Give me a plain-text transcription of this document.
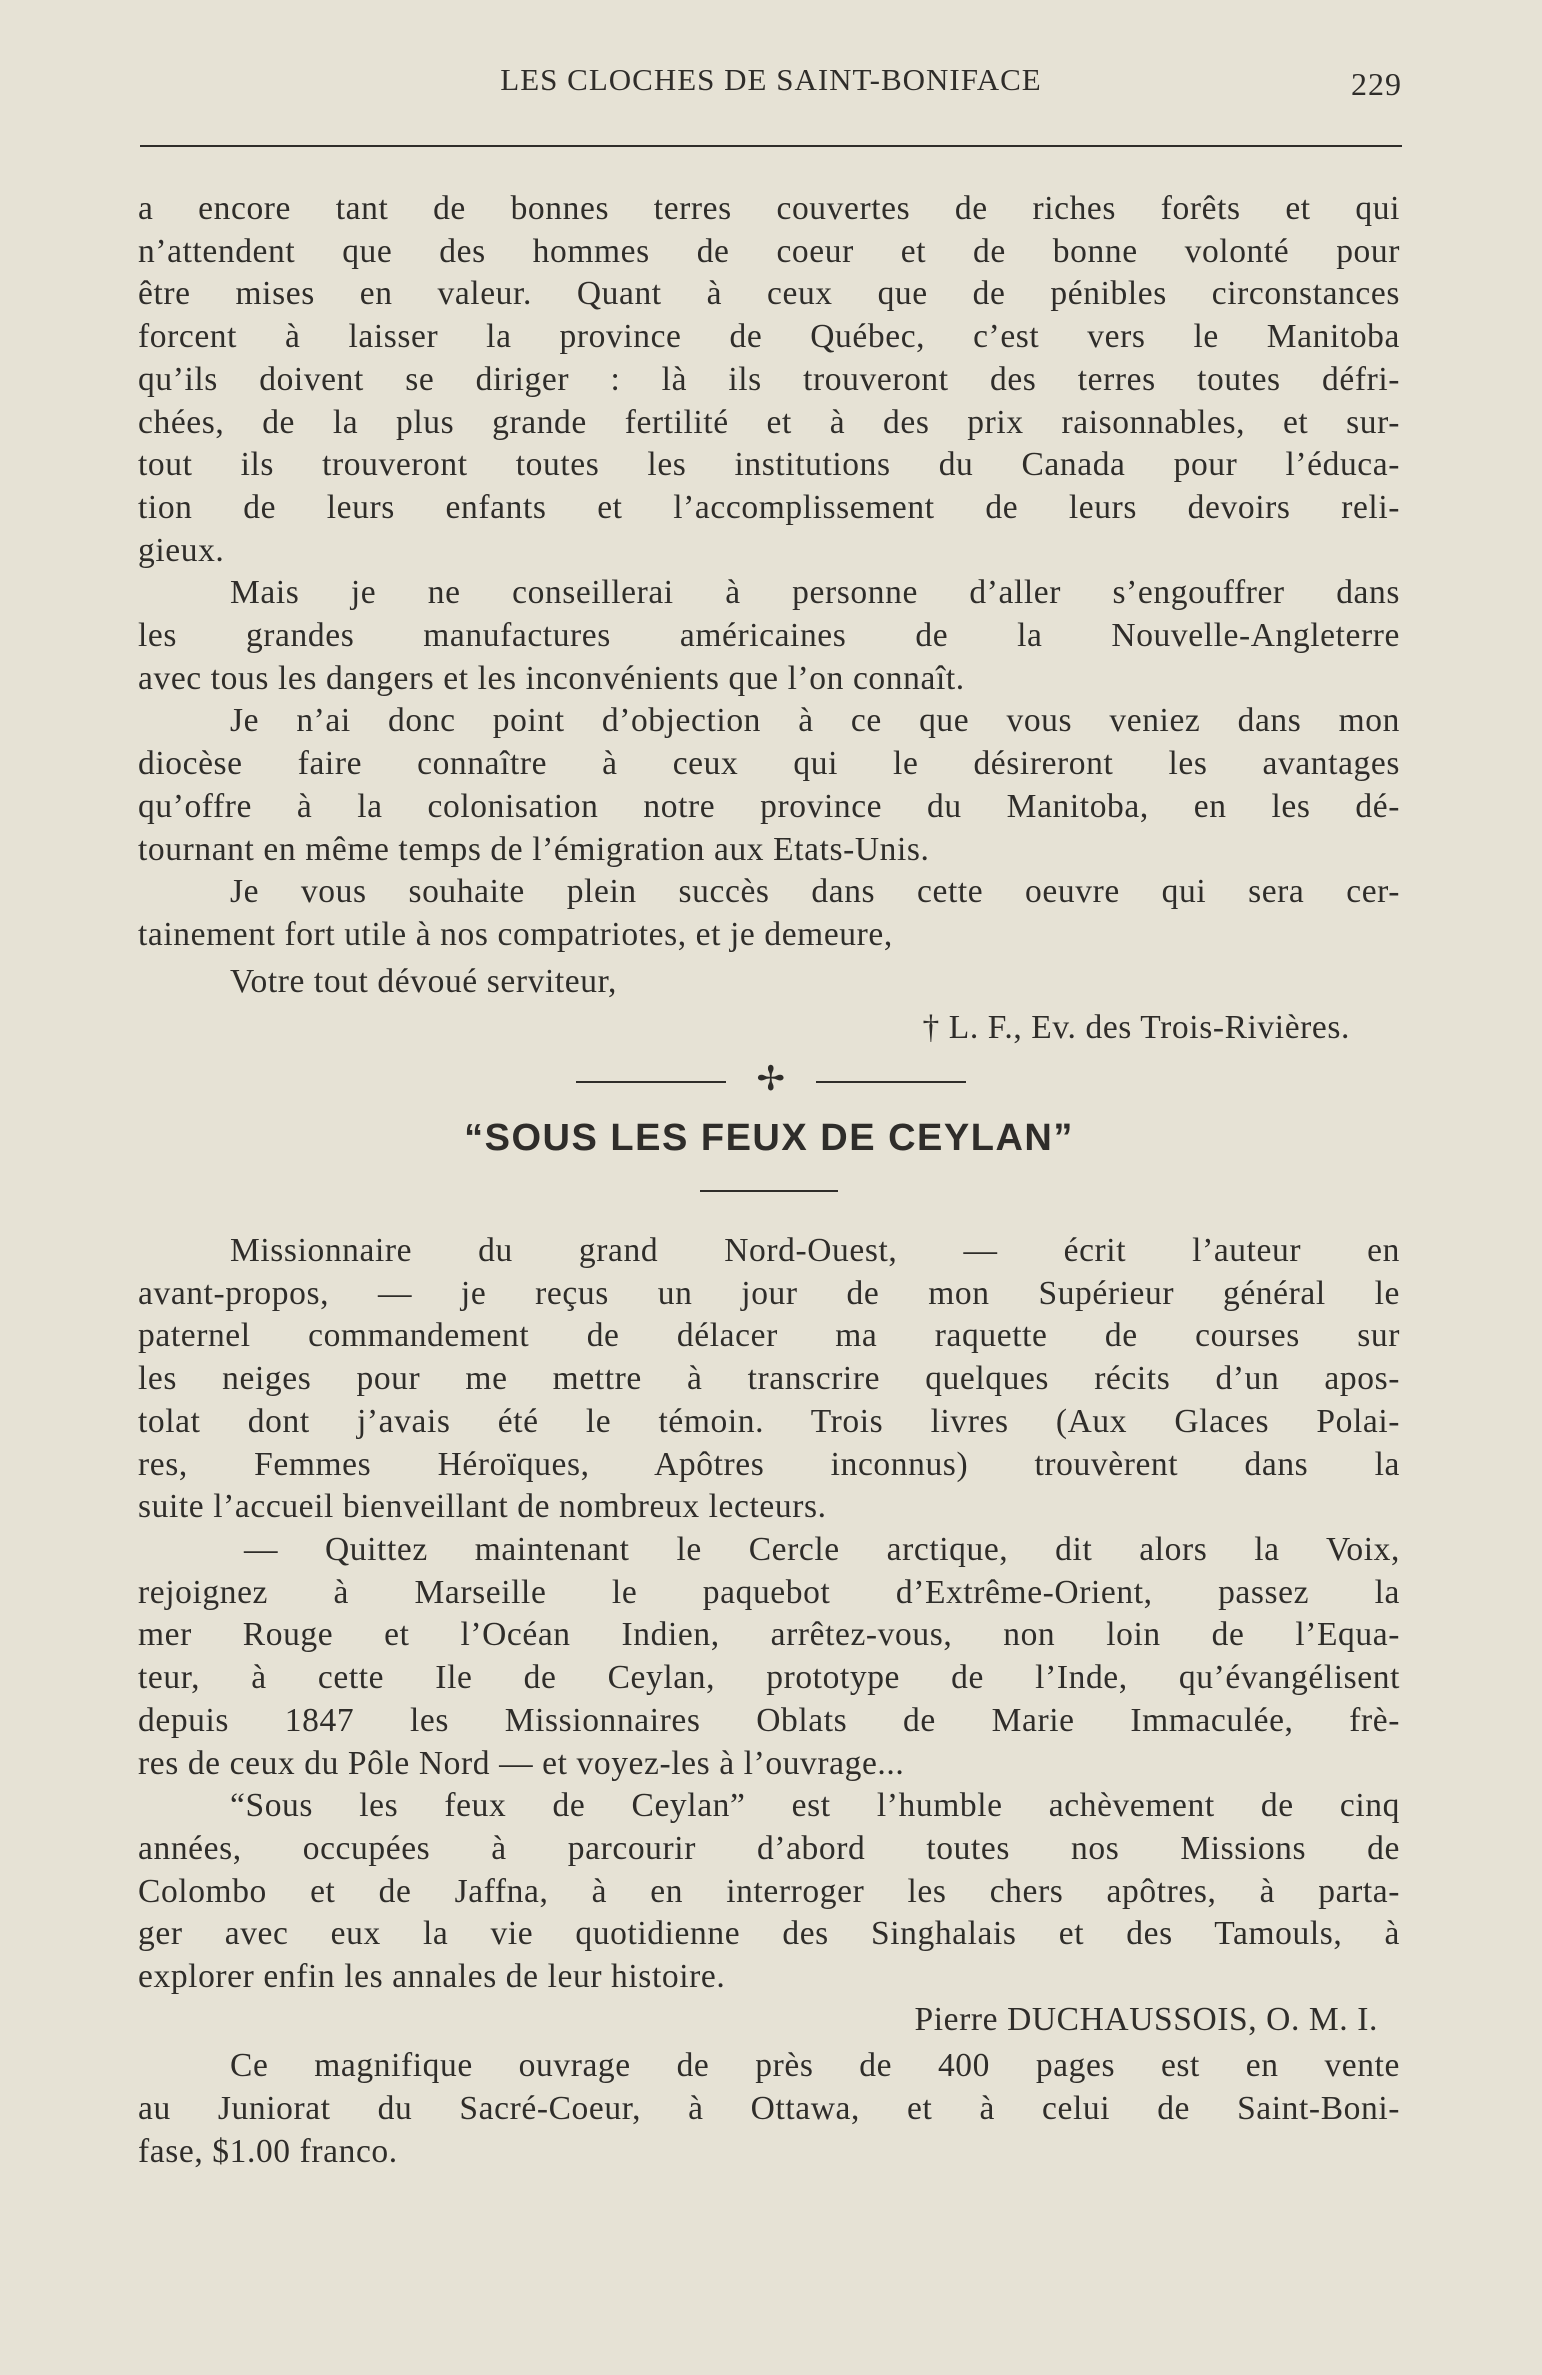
LES CLOCHES DE SAINT-BONIFACE	229
a encore tant de bonnes terres couvertes de riches forêts et qui
n’attendent que des hommes de coeur et de bonne volonté pour
être mises en valeur. Quant à ceux que de pénibles circonstances
forcent à laisser la province de Québec, c’est vers le Manitoba
qu’ils doivent se diriger : là ils trouveront des terres toutes défri-
chées, de la plus grande fertilité et à des prix raisonnables, et sur-
tout ils trouveront toutes les institutions du Canada pour l’éduca-
tion de leurs enfants et l’accomplissement de leurs devoirs reli-
gieux.
Mais je ne conseillerai à personne d’aller s’engouffrer dans
les grandes manufactures américaines de la Nouvelle-Angleterre
avec tous les dangers et les inconvénients que l’on connaît.
Je n’ai donc point d’objection à ce que vous veniez dans mon
diocèse faire connaître à ceux qui le désireront les avantages
qu’offre à la colonisation notre province du Manitoba, en les dé-
tournant en même temps de l’émigration aux Etats-Unis.
Je vous souhaite plein succès dans cette oeuvre qui sera cer-
tainement fort utile à nos compatriotes, et je demeure,
Votre tout dévoué serviteur,
† L. F., Ev. des Trois-Rivières.
✢
“SOUS LES FEUX DE CEYLAN”
Missionnaire du grand Nord-Ouest, — écrit l’auteur en
avant-propos, — je reçus un jour de mon Supérieur général le
paternel commandement de délacer ma raquette de courses sur
les neiges pour me mettre à transcrire quelques récits d’un apos-
tolat dont j’avais été le témoin. Trois livres (Aux Glaces Polai-
res, Femmes Héroïques, Apôtres inconnus) trouvèrent dans la
suite l’accueil bienveillant de nombreux lecteurs.
— Quittez maintenant le Cercle arctique, dit alors la Voix,
rejoignez à Marseille le paquebot d’Extrême-Orient, passez la
mer Rouge et l’Océan Indien, arrêtez-vous, non loin de l’Equa-
teur, à cette Ile de Ceylan, prototype de l’Inde, qu’évangélisent
depuis 1847 les Missionnaires Oblats de Marie Immaculée, frè-
res de ceux du Pôle Nord — et voyez-les à l’ouvrage...
“Sous les feux de Ceylan” est l’humble achèvement de cinq
années, occupées à parcourir d’abord toutes nos Missions de
Colombo et de Jaffna, à en interroger les chers apôtres, à parta-
ger avec eux la vie quotidienne des Singhalais et des Tamouls, à
explorer enfin les annales de leur histoire.
Pierre DUCHAUSSOIS, O. M. I.
Ce magnifique ouvrage de près de 400 pages est en vente
au Juniorat du Sacré-Coeur, à Ottawa, et à celui de Saint-Boni-
fase, $1.00 franco.
